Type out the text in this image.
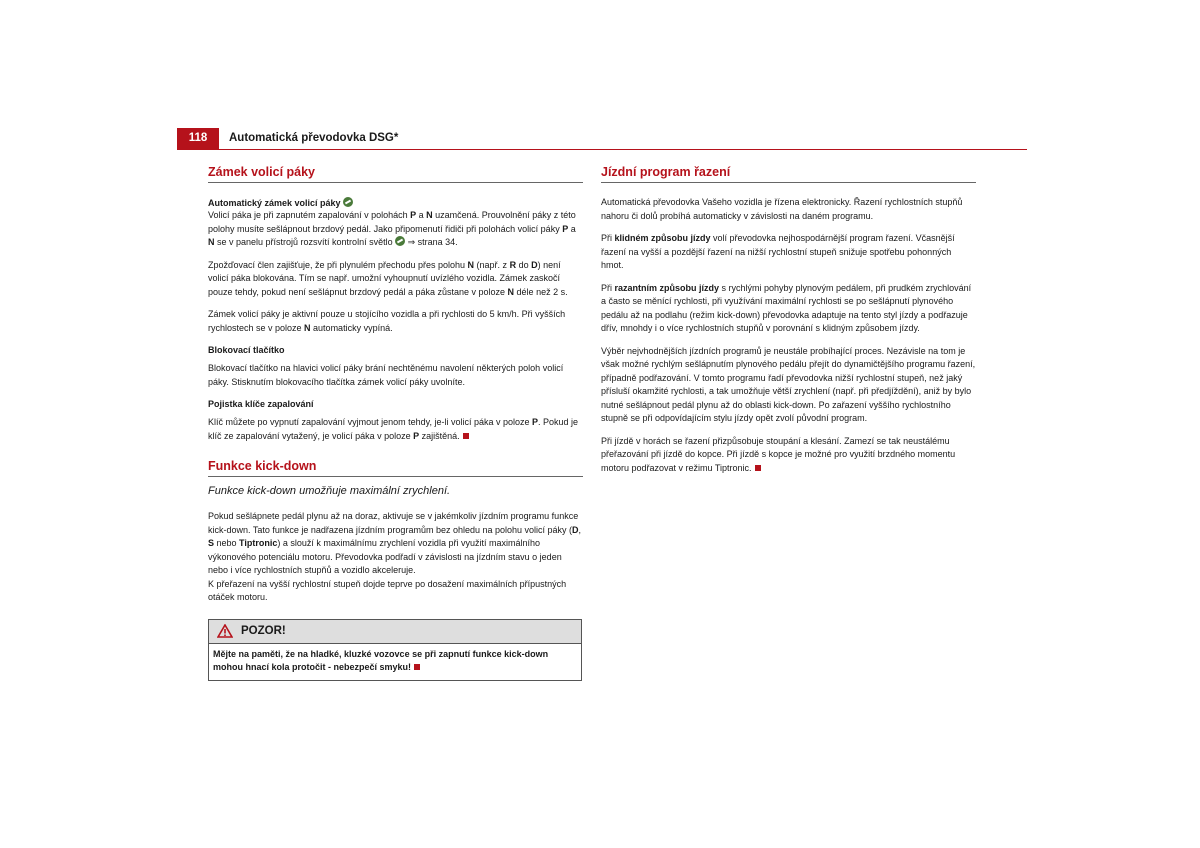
118	Automatická převodovka DSG*
Zámek volicí páky
Automatický zámek volicí páky

Volicí páka je při zapnutém zapalování v polohách P a N uzamčená. Prouvolnění páky z této polohy musíte sešlápnout brzdový pedál. Jako připomenutí řidiči při polohách volicí páky P a N se v panelu přístrojů rozsvítí kontrolní světlo  ⇒ strana 34.

Zpožďovací člen zajišťuje, že při plynulém přechodu přes polohu N (např. z R do D) není volicí páka blokována. Tím se např. umožní vyhoupnutí uvízlého vozidla. Zámek zaskočí pouze tehdy, pokud není sešlápnut brzdový pedál a páka zůstane v poloze N déle než 2 s.

Zámek volicí páky je aktivní pouze u stojícího vozidla a při rychlosti do 5 km/h. Při vyšších rychlostech se v poloze N automaticky vypíná.

Blokovací tlačítko

Blokovací tlačítko na hlavici volicí páky brání nechtěnému navolení některých poloh volicí páky. Stisknutím blokovacího tlačítka zámek volicí páky uvolníte.

Pojistka klíče zapalování

Klíč můžete po vypnutí zapalování vyjmout jenom tehdy, je-li volicí páka v poloze P. Pokud je klíč ze zapalování vytažený, je volicí páka v poloze P zajištěná.

Funkce kick-down

Funkce kick-down umožňuje maximální zrychlení.

Pokud sešlápnete pedál plynu až na doraz, aktivuje se v jakémkoliv jízdním programu funkce kick-down. Tato funkce je nadřazena jízdním programům bez ohledu na polohu volicí páky (D, S nebo Tiptronic) a slouží k maximálnímu zrychlení vozidla při využití maximálního výkonového potenciálu motoru. Převodovka podřadí v závislosti na jízdním stavu o jeden nebo i více rychlostních stupňů a vozidlo akceleruje.
K přeřazení na vyšší rychlostní stupeň dojde teprve po dosažení maximálních přípustných otáček motoru.

POZOR!
Mějte na paměti, že na hladké, kluzké vozovce se při zapnutí funkce kick-down mohou hnací kola protočit - nebezpečí smyku!
Jízdní program řazení

Automatická převodovka Vašeho vozidla je řízena elektronicky. Řazení rychlostních stupňů nahoru či dolů probíhá automaticky v závislosti na daném programu.

Při klidném způsobu jízdy volí převodovka nejhospodárnější program řazení. Včasnější řazení na vyšší a pozdější řazení na nižší rychlostní stupeň snižuje spotřebu pohonných hmot.

Při razantním způsobu jízdy s rychlými pohyby plynovým pedálem, při prudkém zrychlování a často se měnící rychlosti, při využívání maximální rychlosti se po sešlápnutí plynového pedálu až na podlahu (režim kick-down) převodovka adaptuje na tento styl jízdy a podřazuje dřív, mnohdy i o více rychlostních stupňů v porovnání s klidným způsobem jízdy.

Výběr nejvhodnějších jízdních programů je neustále probíhající proces. Nezávisle na tom je však možné rychlým sešlápnutím plynového pedálu přejít do dynamičtějšího programu řazení, případně podřazování. V tomto programu řadí převodovka nižší rychlostní stupeň, než jaký přísluší okamžité rychlosti, a tak umožňuje větší zrychlení (např. při předjíždění), aniž by bylo nutné sešlápnout pedál plynu až do oblasti kick-down. Po zařazení vyššího rychlostního stupně se při odpovídajícím stylu jízdy opět zvolí původní program.

Při jízdě v horách se řazení přizpůsobuje stoupání a klesání. Zamezí se tak neustálému přeřazování při jízdě do kopce. Při jízdě s kopce je možné pro využití brzdného momentu motoru podřazovat v režimu Tiptronic.
